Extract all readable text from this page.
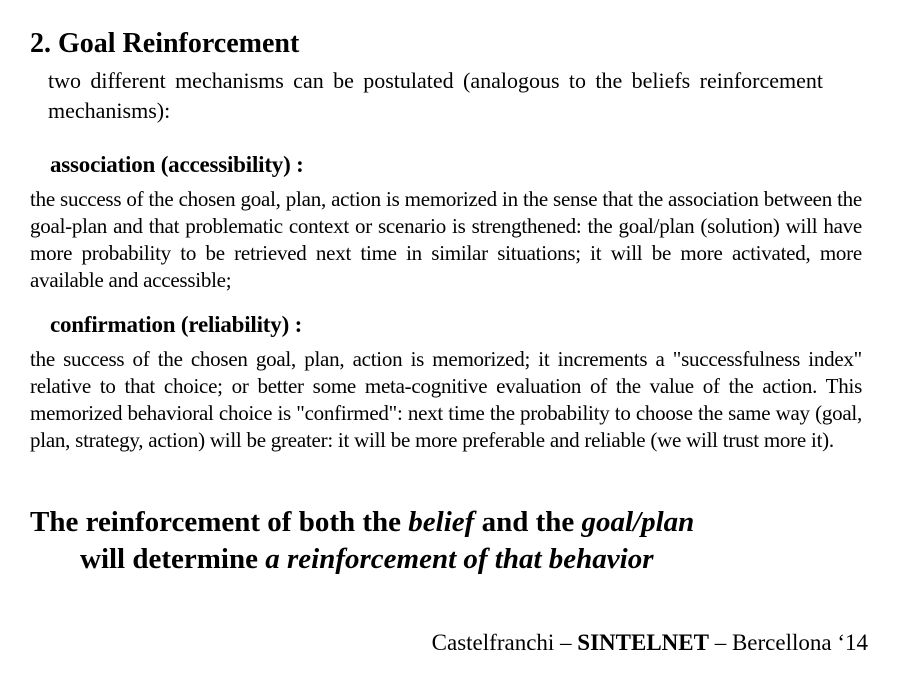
2. Goal Reinforcement

two different mechanisms can be postulated (analogous to the beliefs reinforcement mechanisms):

association (accessibility) :

the success of the chosen goal, plan, action is memorized in the sense that the association between the goal-plan and that problematic context or scenario is strengthened: the goal/plan (solution) will have more probability to be retrieved next time in similar situations; it will be more activated, more available and accessible;

confirmation (reliability) :

the success of the chosen goal, plan, action is memorized; it increments a "successfulness index" relative to that choice; or better some meta-cognitive evaluation of the value of the action. This memorized behavioral choice is "confirmed": next time the probability to choose the same way (goal, plan, strategy, action) will be greater: it will be more preferable and reliable (we will trust more it).

The reinforcement of both the belief and the goal/plan
will determine a reinforcement of that behavior
Castelfranchi – SINTELNET – Bercellona ‘14
